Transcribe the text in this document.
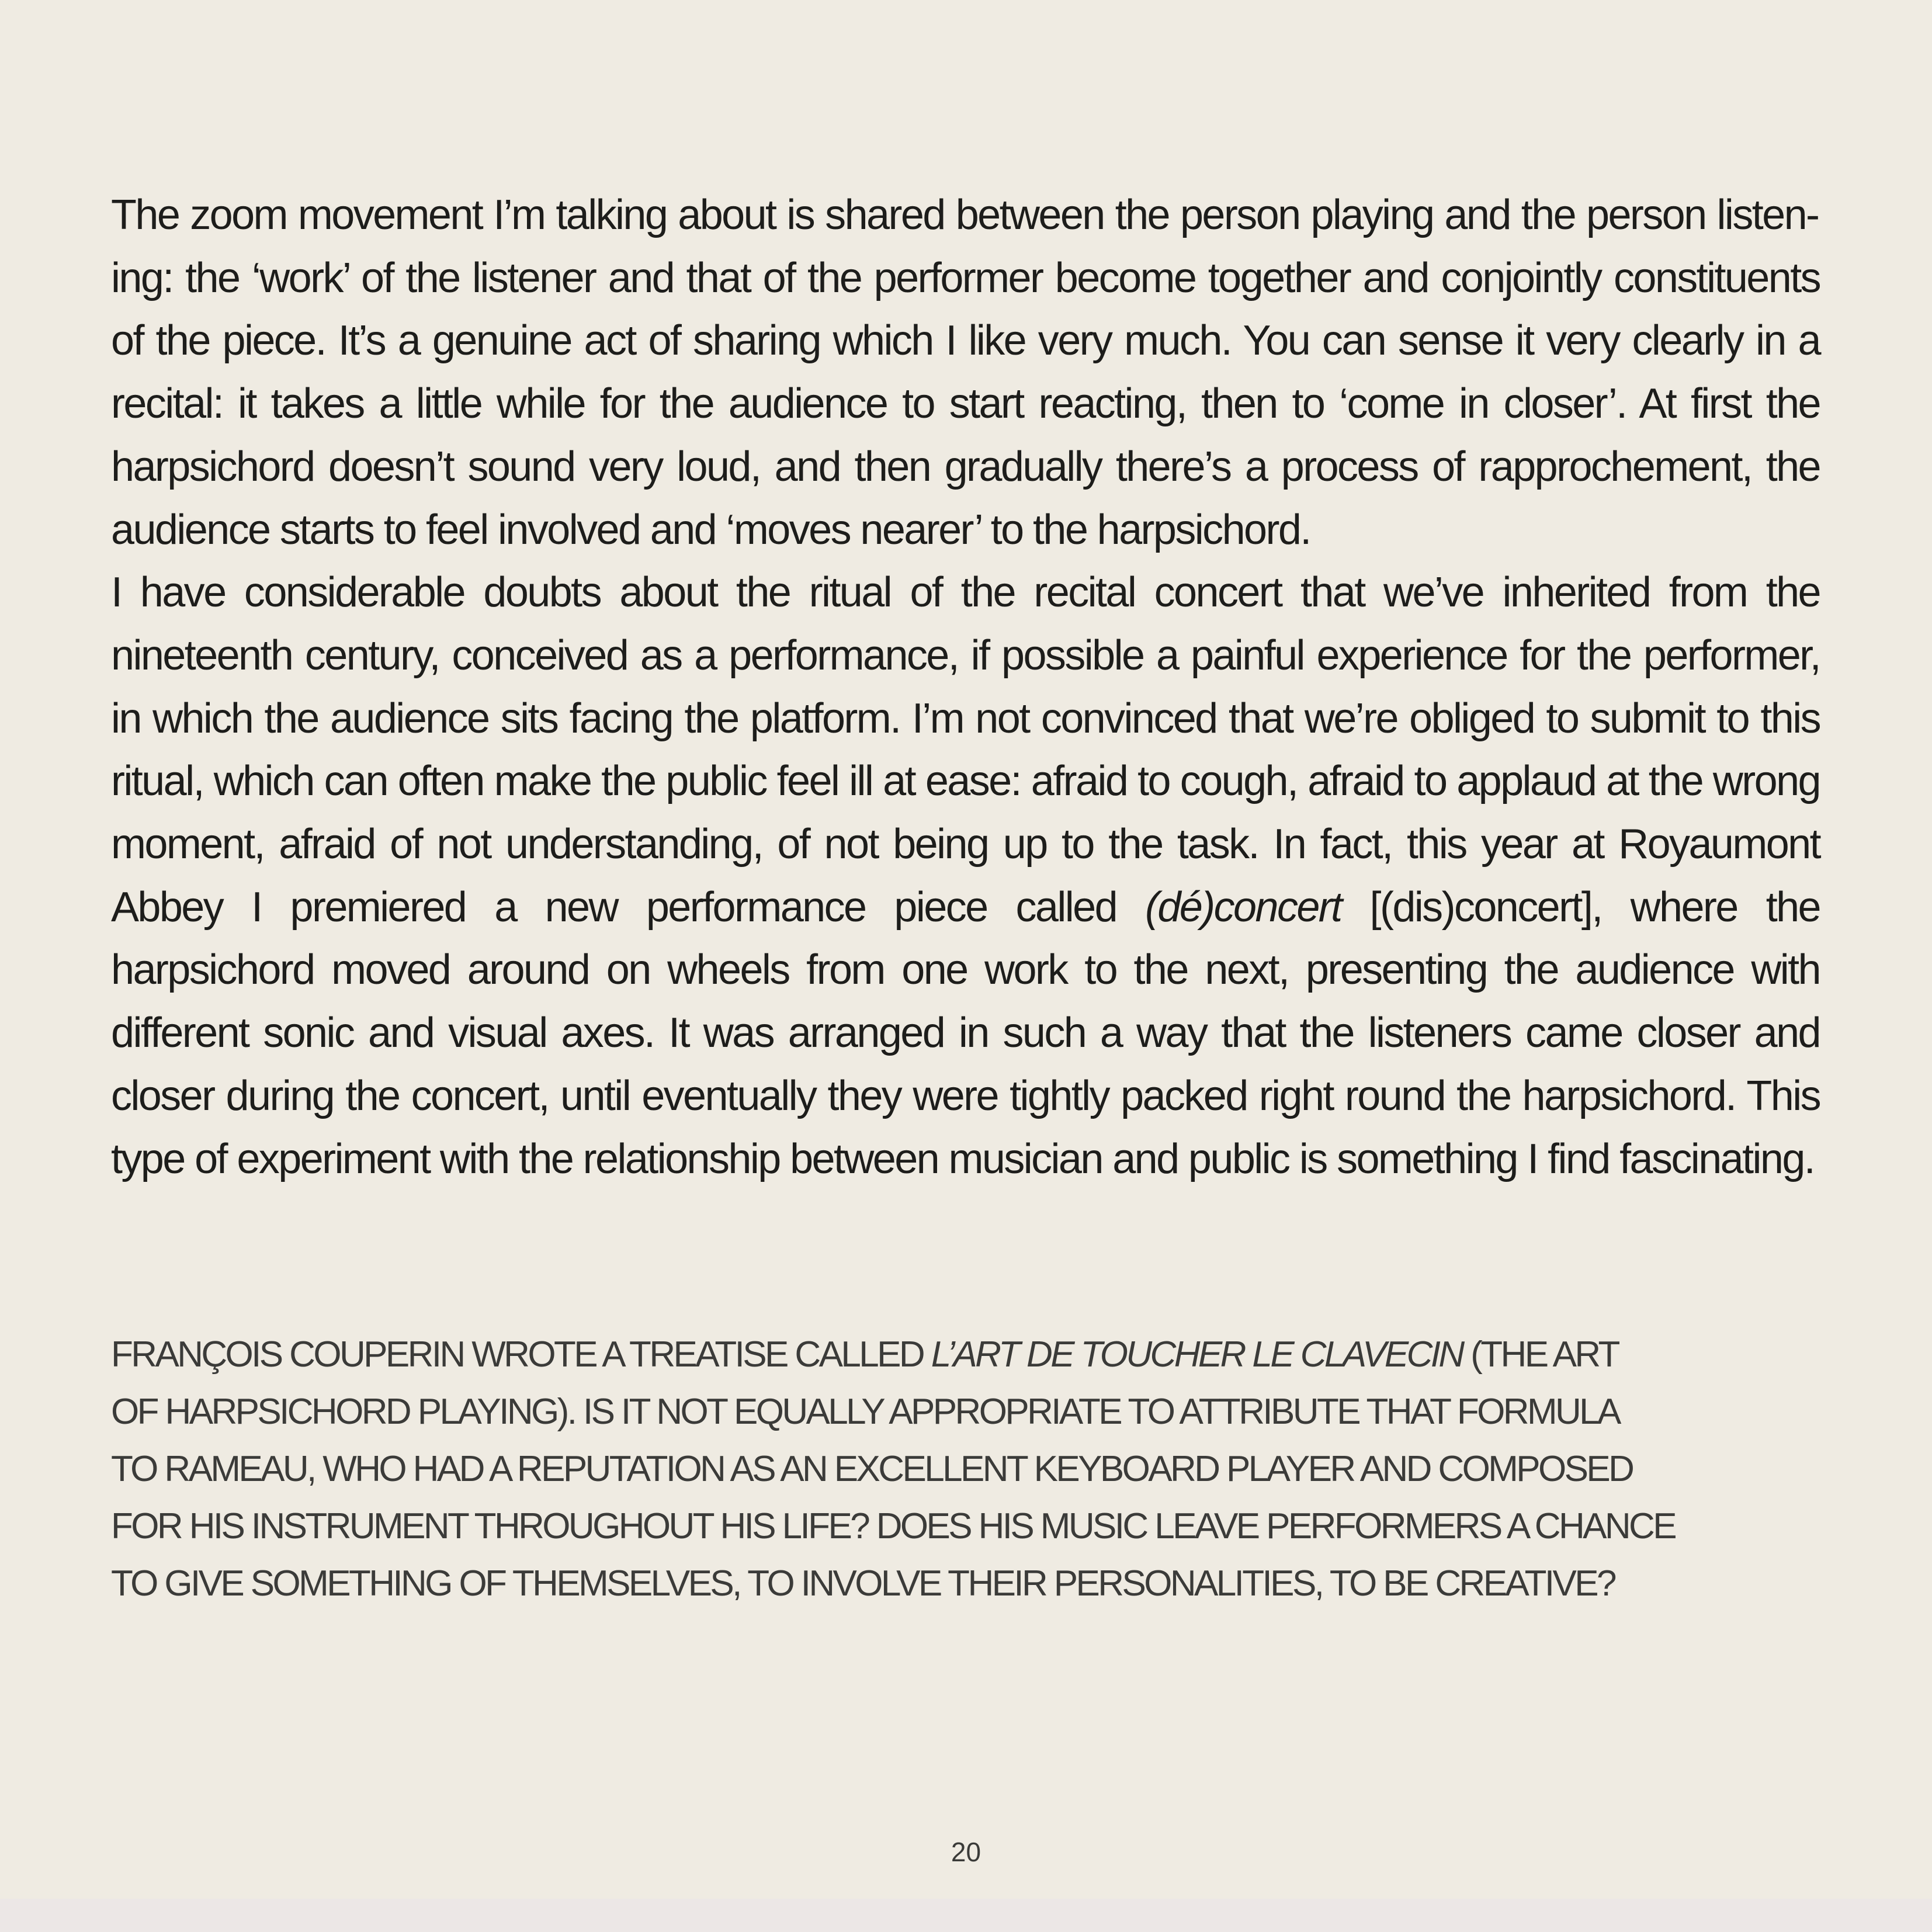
The zoom movement I’m talking about is shared between the person playing and the person listening: the ‘work’ of the listener and that of the performer become together and conjointly constituents of the piece. It’s a genuine act of sharing which I like very much. You can sense it very clearly in a recital: it takes a little while for the audience to start reacting, then to ‘come in closer’. At first the harpsichord doesn’t sound very loud, and then gradually there’s a process of rapprochement, the audience starts to feel involved and ‘moves nearer’ to the harpsichord.

I have considerable doubts about the ritual of the recital concert that we’ve inherited from the nineteenth century, conceived as a performance, if possible a painful experience for the performer, in which the audience sits facing the platform. I’m not convinced that we’re obliged to submit to this ritual, which can often make the public feel ill at ease: afraid to cough, afraid to applaud at the wrong moment, afraid of not understanding, of not being up to the task. In fact, this year at Royaumont Abbey I premiered a new performance piece called (dé)concert [(dis)concert], where the harpsichord moved around on wheels from one work to the next, presenting the audience with different sonic and visual axes. It was arranged in such a way that the listeners came closer and closer during the concert, until eventually they were tightly packed right round the harpsichord. This type of experiment with the relationship between musician and public is something I find fascinating.

FRANÇOIS COUPERIN WROTE A TREATISE CALLED L’ART DE TOUCHER LE CLAVECIN (THE ART
OF HARPSICHORD PLAYING). IS IT NOT EQUALLY APPROPRIATE TO ATTRIBUTE THAT FORMULA
TO RAMEAU, WHO HAD A REPUTATION AS AN EXCELLENT KEYBOARD PLAYER AND COMPOSED
FOR HIS INSTRUMENT THROUGHOUT HIS LIFE? DOES HIS MUSIC LEAVE PERFORMERS A CHANCE
TO GIVE SOMETHING OF THEMSELVES, TO INVOLVE THEIR PERSONALITIES, TO BE CREATIVE?
20
